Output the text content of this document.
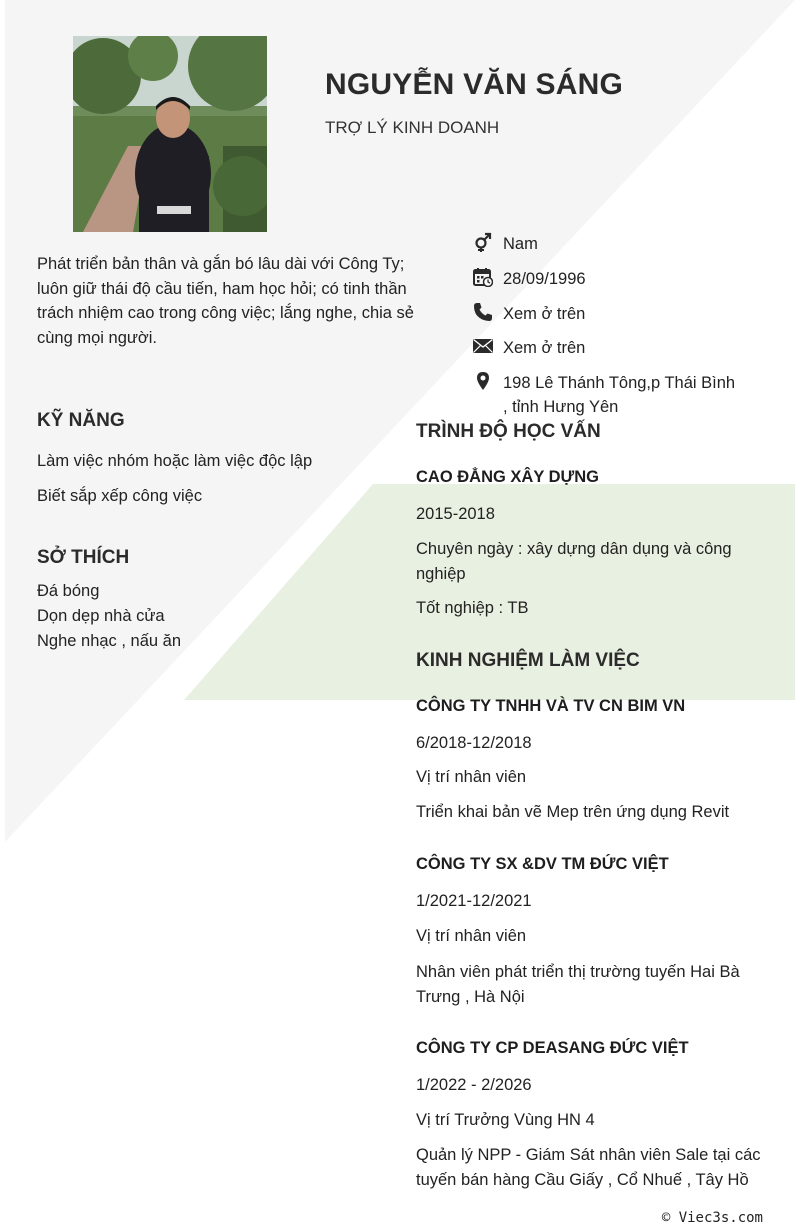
NGUYỄN VĂN SÁNG
TRỢ LÝ KINH DOANH
Phát triển bản thân và gắn bó lâu dài với Công Ty; luôn giữ thái độ cầu tiến, ham học hỏi; có tinh thần trách nhiệm cao trong công việc; lắng nghe, chia sẻ cùng mọi người.
Nam
28/09/1996
Xem ở trên
Xem ở trên
198 Lê Thánh Tông,p Thái Bình
, tỉnh Hưng Yên
KỸ NĂNG
Làm việc nhóm hoặc làm việc độc lập
Biết sắp xếp công việc
SỞ THÍCH
Đá bóng
Dọn dẹp nhà cửa
Nghe nhạc , nấu ăn
TRÌNH ĐỘ HỌC VẤN
CAO ĐẲNG XÂY DỰNG
2015-2018
Chuyên ngày : xây dựng dân dụng và công nghiệp
Tốt nghiệp : TB
KINH NGHIỆM LÀM VIỆC
CÔNG TY TNHH VÀ TV CN BIM VN
6/2018-12/2018
Vị trí nhân viên
Triển khai bản vẽ Mep trên ứng dụng Revit
CÔNG TY SX &DV TM ĐỨC VIỆT
1/2021-12/2021
Vị trí nhân viên
Nhân viên phát triển thị trường tuyến Hai Bà Trưng , Hà Nội
CÔNG TY CP DEASANG ĐỨC VIỆT
1/2022 - 2/2026
Vị trí Trưởng Vùng HN 4
Quản lý NPP - Giám Sát nhân viên Sale tại các tuyến bán hàng Cầu Giấy , Cổ Nhuế , Tây Hồ
© Viec3s.com
